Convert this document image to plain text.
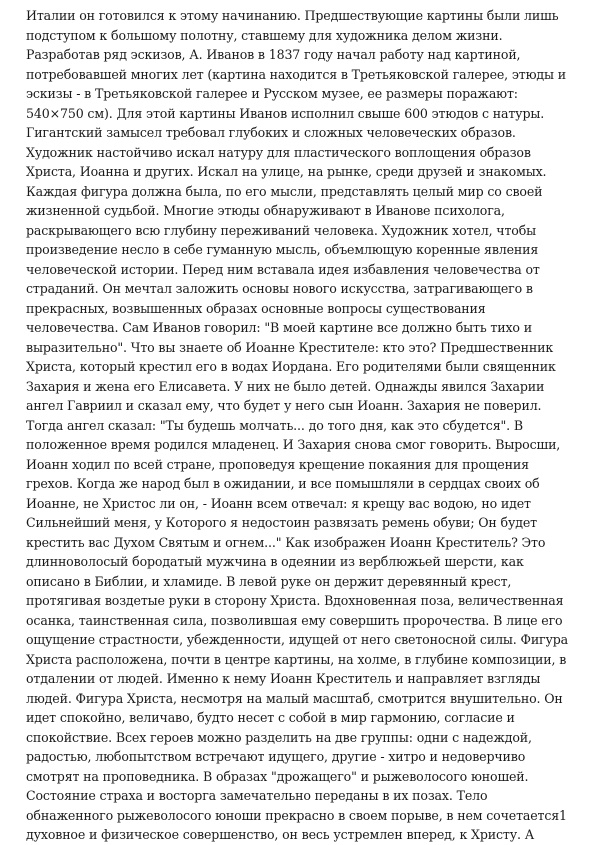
Италии он готовился к этому начинанию. Предшествующие картины были лишь
подступом к большому полотну, ставшему для художника делом жизни.
Разработав ряд эскизов, А. Иванов в 1837 году начал работу над картиной,
потребовавшей многих лет (картина находится в Третьяковской галерее, этюды и
эскизы - в Третьяковской галерее и Русском музее, ее размеры поражают:
540×750 см). Для этой картины Иванов исполнил свыше 600 этюдов с натуры.
Гигантский замысел требовал глубоких и сложных человеческих образов.
Художник настойчиво искал натуру для пластического воплощения образов
Христа, Иоанна и других. Искал на улице, на рынке, среди друзей и знакомых.
Каждая фигура должна была, по его мысли, представлять целый мир со своей
жизненной судьбой. Многие этюды обнаруживают в Иванове психолога,
раскрывающего всю глубину переживаний человека. Художник хотел, чтобы
произведение несло в себе гуманную мысль, объемлющую коренные явления
человеческой истории. Перед ним вставала идея избавления человечества от
страданий. Он мечтал заложить основы нового искусства, затрагивающего в
прекрасных, возвышенных образах основные вопросы существования
человечества. Сам Иванов говорил: "В моей картине все должно быть тихо и
выразительно". Что вы знаете об Иоанне Крестителе: кто это? Предшественник
Христа, который крестил его в водах Иордана. Его родителями были священник
Захария и жена его Елисавета. У них не было детей. Однажды явился Захарии
ангел Гавриил и сказал ему, что будет у него сын Иоанн. Захария не поверил.
Тогда ангел сказал: "Ты будешь молчать... до того дня, как это сбудется". В
положенное время родился младенец. И Захария снова смог говорить. Выросши,
Иоанн ходил по всей стране, проповедуя крещение покаяния для прощения
грехов. Когда же народ был в ожидании, и все помышляли в сердцах своих об
Иоанне, не Христос ли он, - Иоанн всем отвечал: я крещу вас водою, но идет
Сильнейший меня, у Которого я недостоин развязать ремень обуви; Он будет
крестить вас Духом Святым и огнем..." Как изображен Иоанн Креститель? Это
длинноволосый бородатый мужчина в одеянии из верблюжьей шерсти, как
описано в Библии, и хламиде. В левой руке он держит деревянный крест,
протягивая воздетые руки в сторону Христа. Вдохновенная поза, величественная
осанка, таинственная сила, позволившая ему совершить пророчества. В лице его
ощущение страстности, убежденности, идущей от него светоносной силы. Фигура
Христа расположена, почти в центре картины, на холме, в глубине композиции, в
отдалении от людей. Именно к нему Иоанн Креститель и направляет взгляды
людей. Фигура Христа, несмотря на малый масштаб, смотрится внушительно. Он
идет спокойно, величаво, будто несет с собой в мир гармонию, согласие и
спокойствие. Всех героев можно разделить на две группы: одни с надеждой,
радостью, любопытством встречают идущего, другие - хитро и недоверчиво
смотрят на проповедника. В образах "дрожащего" и рыжеволосого юношей.
Состояние страха и восторга замечательно переданы в их позах. Тело
обнаженного рыжеволосого юноши прекрасно в своем порыве, в нем сочетается1
духовное и физическое совершенство, он весь устремлен вперед, к Христу. А
